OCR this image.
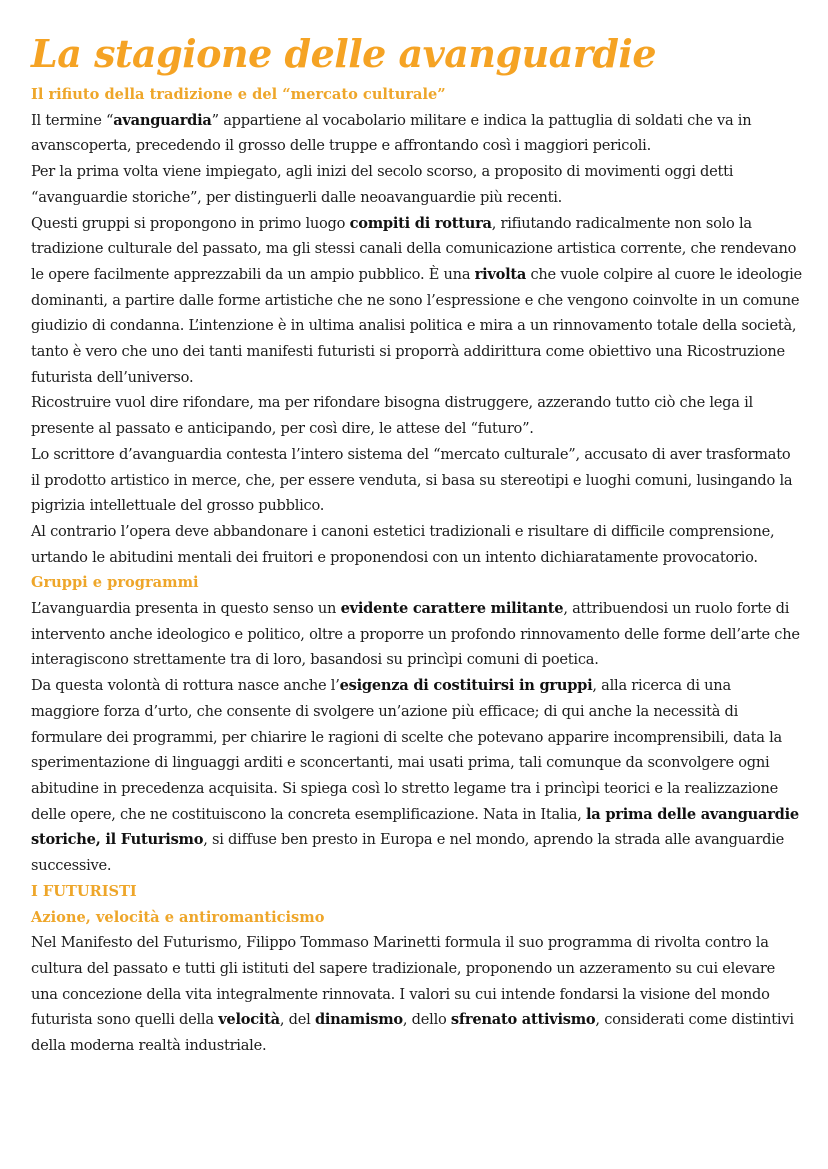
La stagione delle avanguardie
Il rifiuto della tradizione e del “mercato culturale”

Il termine “avanguardia” appartiene al vocabolario militare e indica la pattuglia di soldati che va in avanscoperta, precedendo il grosso delle truppe e affrontando così i maggiori pericoli.

Per la prima volta viene impiegato, agli inizi del secolo scorso, a proposito di movimenti oggi detti “avanguardie storiche”, per distinguerli dalle neoavanguardie più recenti.

Questi gruppi si propongono in primo luogo compiti di rottura, rifiutando radicalmente non solo la tradizione culturale del passato, ma gli stessi canali della comunicazione artistica corrente, che rendevano le opere facilmente apprezzabili da un ampio pubblico. È una rivolta che vuole colpire al cuore le ideologie dominanti, a partire dalle forme artistiche che ne sono l’espressione e che vengono coinvolte in un comune giudizio di condanna. L’intenzione è in ultima analisi politica e mira a un rinnovamento totale della società, tanto è vero che uno dei tanti manifesti futuristi si proporrà addirittura come obiettivo una Ricostruzione futurista dell’universo.

Ricostruire vuol dire rifondare, ma per rifondare bisogna distruggere, azzerando tutto ciò che lega il presente al passato e anticipando, per così dire, le attese del “futuro”.

Lo scrittore d’avanguardia contesta l’intero sistema del “mercato culturale”, accusato di aver trasformato il prodotto artistico in merce, che, per essere venduta, si basa su stereotipi e luoghi comuni, lusingando la pigrizia intellettuale del grosso pubblico.

Al contrario l’opera deve abbandonare i canoni estetici tradizionali e risultare di difficile comprensione, urtando le abitudini mentali dei fruitori e proponendosi con un intento dichiaratamente provocatorio.

Gruppi e programmi

L’avanguardia presenta in questo senso un evidente carattere militante, attribuendosi un ruolo forte di intervento anche ideologico e politico, oltre a proporre un profondo rinnovamento delle forme dell’arte che interagiscono strettamente tra di loro, basandosi su princìpi comuni di poetica.

Da questa volontà di rottura nasce anche l’esigenza di costituirsi in gruppi, alla ricerca di una maggiore forza d’urto, che consente di svolgere un’azione più efficace; di qui anche la necessità di formulare dei programmi, per chiarire le ragioni di scelte che potevano apparire incomprensibili, data la sperimentazione di linguaggi arditi e sconcertanti, mai usati prima, tali comunque da sconvolgere ogni abitudine in precedenza acquisita. Si spiega così lo stretto legame tra i princìpi teorici e la realizzazione delle opere, che ne costituiscono la concreta esemplificazione. Nata in Italia, la prima delle avanguardie storiche, il Futurismo, si diffuse ben presto in Europa e nel mondo, aprendo la strada alle avanguardie successive.

I FUTURISTI
Azione, velocità e antiromanticismo

Nel Manifesto del Futurismo, Filippo Tommaso Marinetti formula il suo programma di rivolta contro la cultura del passato e tutti gli istituti del sapere tradizionale, proponendo un azzeramento su cui elevare una concezione della vita integralmente rinnovata. I valori su cui intende fondarsi la visione del mondo futurista sono quelli della velocità, del dinamismo, dello sfrenato attivismo, considerati come distintivi della moderna realtà industriale.
